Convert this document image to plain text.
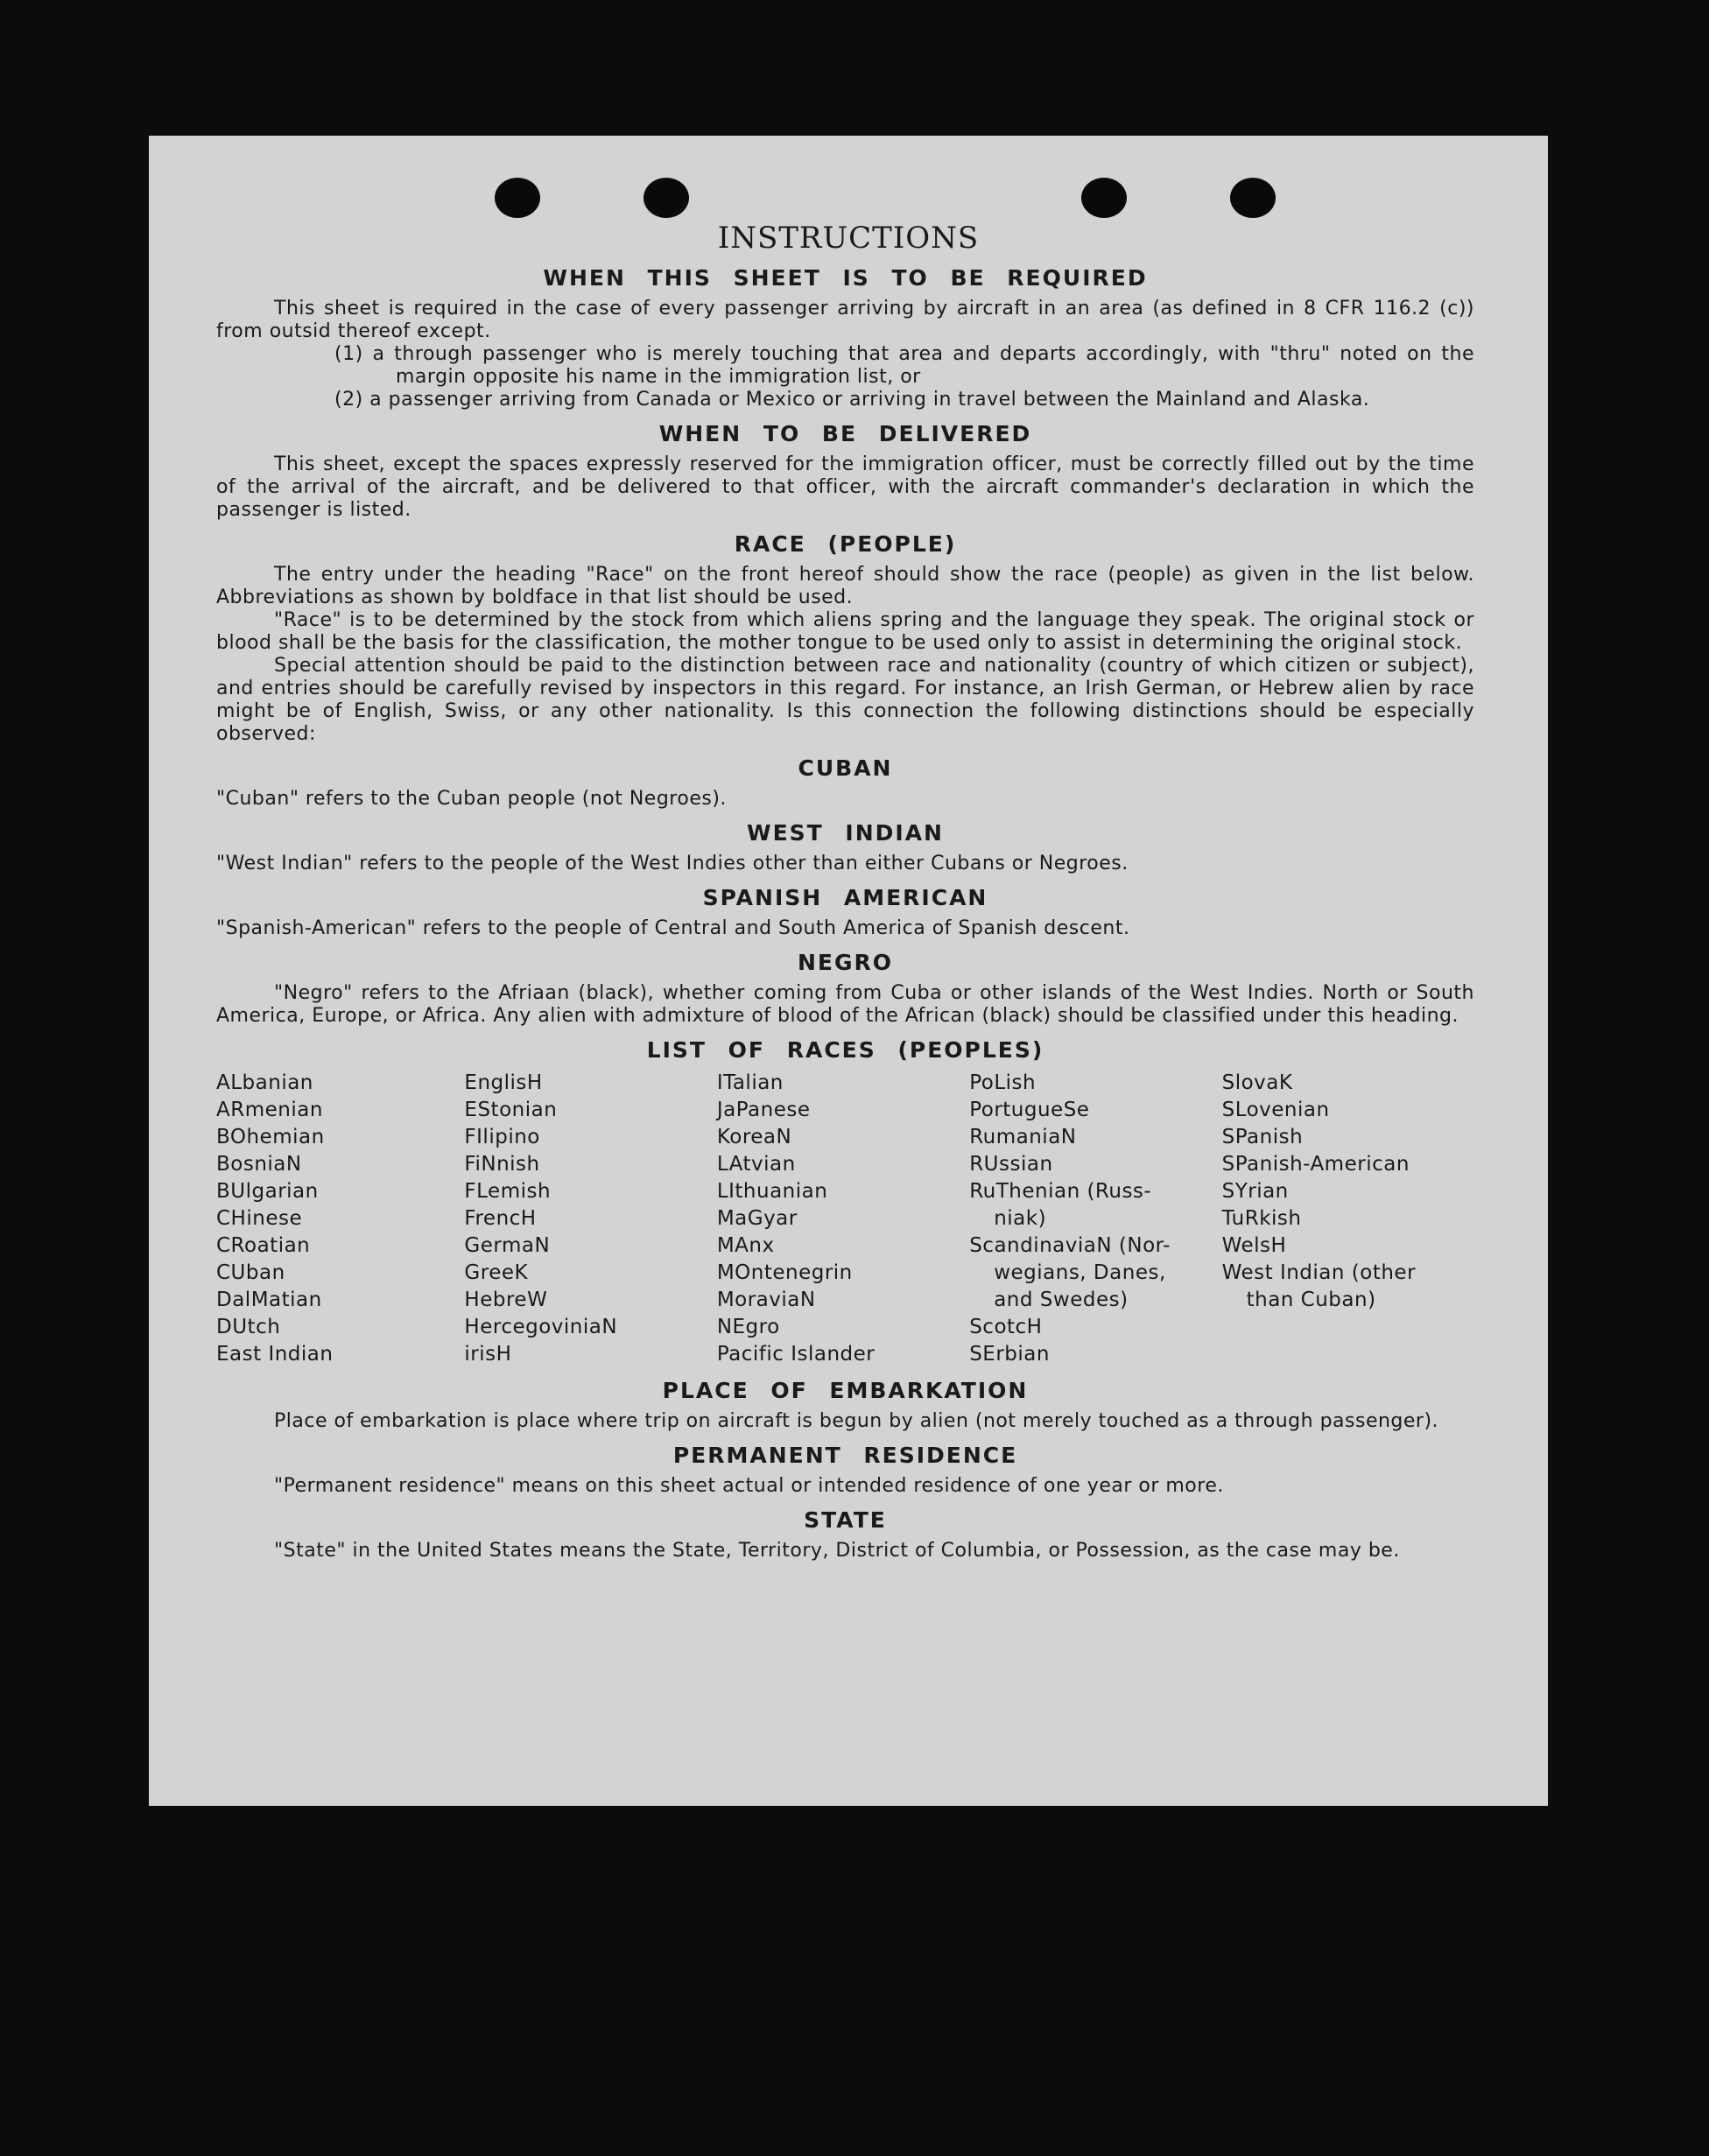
INSTRUCTIONS
WHEN THIS SHEET IS TO BE REQUIRED

This sheet is required in the case of every passenger arriving by aircraft in an area (as defined in 8 CFR 116.2 (c)) from outsid thereof except.

(1) a through passenger who is merely touching that area and departs accordingly, with "thru" noted on the margin opposite his name in the immigration list, or

(2) a passenger arriving from Canada or Mexico or arriving in travel between the Mainland and Alaska.

WHEN TO BE DELIVERED

This sheet, except the spaces expressly reserved for the immigration officer, must be correctly filled out by the time of the arrival of the aircraft, and be delivered to that officer, with the aircraft commander's declaration in which the passenger is listed.

RACE (PEOPLE)

The entry under the heading "Race" on the front hereof should show the race (people) as given in the list below. Abbreviations as shown by boldface in that list should be used.

"Race" is to be determined by the stock from which aliens spring and the language they speak. The original stock or blood shall be the basis for the classification, the mother tongue to be used only to assist in determining the original stock.

Special attention should be paid to the distinction between race and nationality (country of which citizen or subject), and entries should be carefully revised by inspectors in this regard. For instance, an Irish German, or Hebrew alien by race might be of English, Swiss, or any other nationality. Is this connection the following distinctions should be especially observed:

CUBAN

"Cuban" refers to the Cuban people (not Negroes).

WEST INDIAN

"West Indian" refers to the people of the West Indies other than either Cubans or Negroes.

SPANISH AMERICAN

"Spanish-American" refers to the people of Central and South America of Spanish descent.

NEGRO

"Negro" refers to the Afriaan (black), whether coming from Cuba or other islands of the West Indies. North or South America, Europe, or Africa. Any alien with admixture of blood of the African (black) should be classified under this heading.

LIST OF RACES (PEOPLES)
ALbanian
ARmenian
BOhemian
BosniaN
BUlgarian
CHinese
CRoatian
CUban
DalMatian
DUtch
East Indian
EnglisH
EStonian
FIlipino
FiNnish
FLemish
FrencH
GermaN
GreeK
HebreW
HercegoviniaN
irisH
ITalian
JaPanese
KoreaN
LAtvian
LIthuanian
MaGyar
MAnx
MOntenegrin
MoraviaN
NEgro
Pacific Islander
PoLish
PortugueSe
RumaniaN
RUssian
RuThenian (Russ-
niak)
ScandinaviaN (Nor-
wegians, Danes,
and Swedes)
ScotcH
SErbian
SlovaK
SLovenian
SPanish
SPanish-American
SYrian
TuRkish
WelsH
West Indian (other
than Cuban)
PLACE OF EMBARKATION

Place of embarkation is place where trip on aircraft is begun by alien (not merely touched as a through passenger).

PERMANENT RESIDENCE

"Permanent residence" means on this sheet actual or intended residence of one year or more.

STATE

"State" in the United States means the State, Territory, District of Columbia, or Possession, as the case may be.
